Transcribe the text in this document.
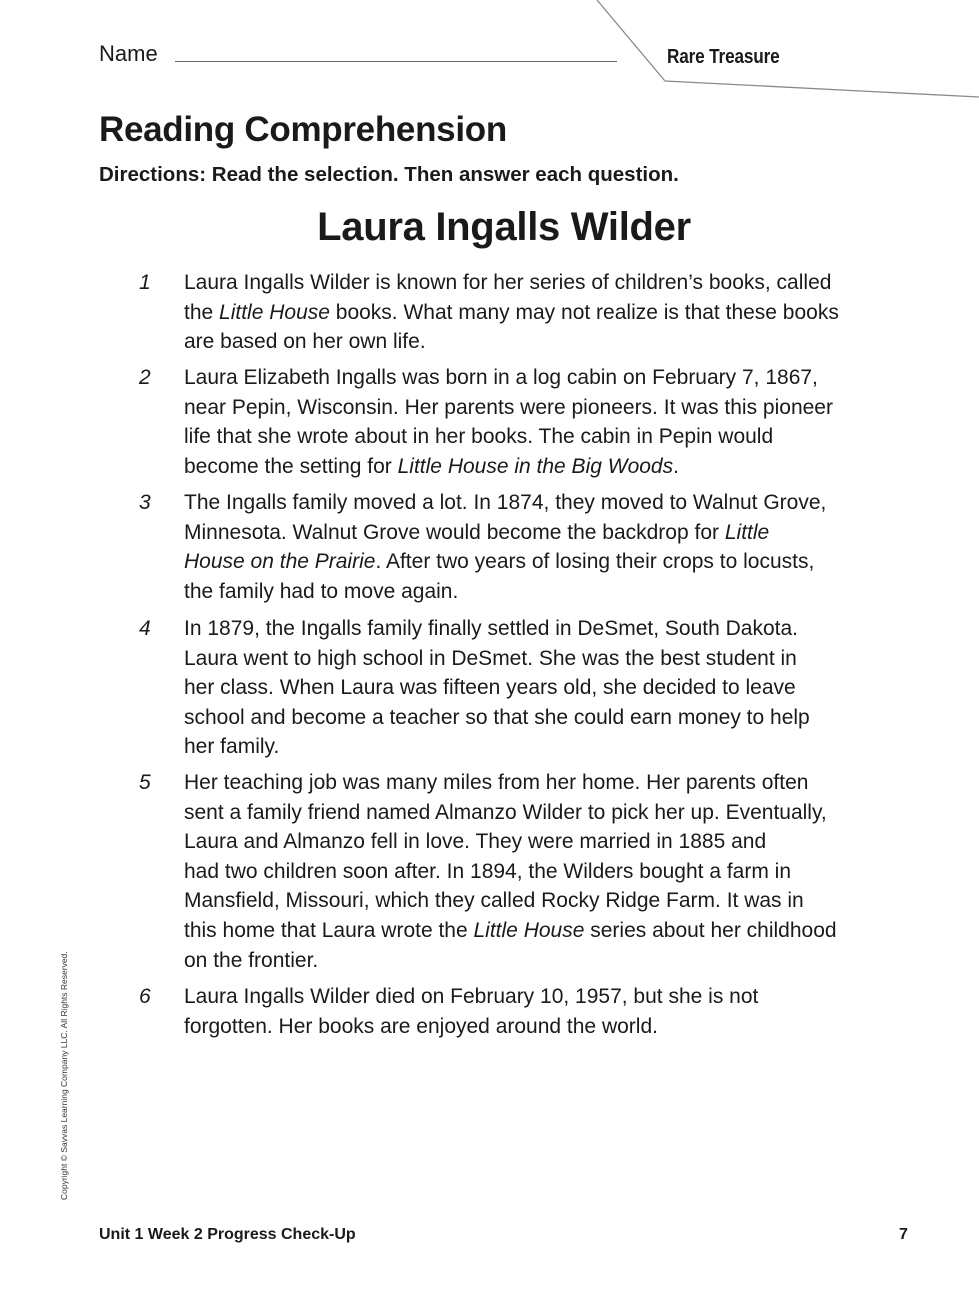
Name	Rare Treasure
Reading Comprehension
Directions: Read the selection. Then answer each question.
Laura Ingalls Wilder
1 Laura Ingalls Wilder is known for her series of children’s books, called
the Little House books. What many may not realize is that these books
are based on her own life.
2 Laura Elizabeth Ingalls was born in a log cabin on February 7, 1867,
near Pepin, Wisconsin. Her parents were pioneers. It was this pioneer
life that she wrote about in her books. The cabin in Pepin would
become the setting for Little House in the Big Woods.
3 The Ingalls family moved a lot. In 1874, they moved to Walnut Grove,
Minnesota. Walnut Grove would become the backdrop for Little
House on the Prairie. After two years of losing their crops to locusts,
the family had to move again.
4 In 1879, the Ingalls family finally settled in DeSmet, South Dakota.
Laura went to high school in DeSmet. She was the best student in
her class. When Laura was fifteen years old, she decided to leave
school and become a teacher so that she could earn money to help
her family.
5 Her teaching job was many miles from her home. Her parents often
sent a family friend named Almanzo Wilder to pick her up. Eventually,
Laura and Almanzo fell in love. They were married in 1885 and
had two children soon after. In 1894, the Wilders bought a farm in
Mansfield, Missouri, which they called Rocky Ridge Farm. It was in
this home that Laura wrote the Little House series about her childhood
on the frontier.
6 Laura Ingalls Wilder died on February 10, 1957, but she is not
forgotten. Her books are enjoyed around the world.
Copyright © Savvas Learning Company LLC. All Rights Reserved.
Unit 1 Week 2 Progress Check-Up	7
